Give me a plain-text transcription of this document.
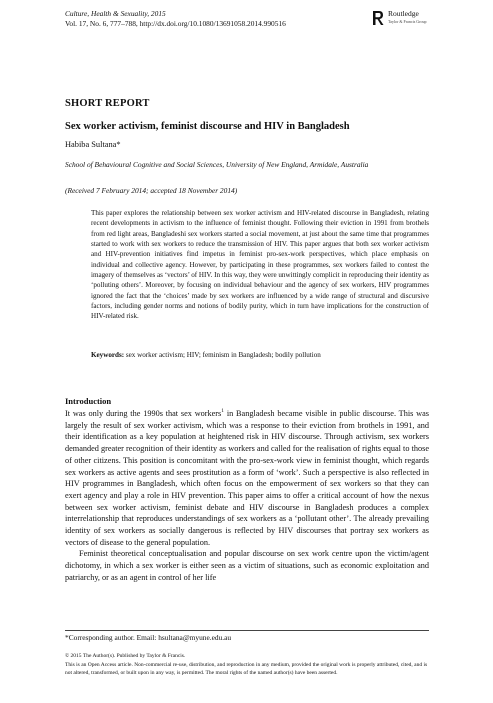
Culture, Health & Sexuality, 2015
Vol. 17, No. 6, 777–788, http://dx.doi.org/10.1080/13691058.2014.990516
Routledge
Taylor & Francis Group
SHORT REPORT
Sex worker activism, feminist discourse and HIV in Bangladesh
Habiba Sultana*
School of Behavioural Cognitive and Social Sciences, University of New England, Armidale, Australia
(Received 7 February 2014; accepted 18 November 2014)
This paper explores the relationship between sex worker activism and HIV-related discourse in Bangladesh, relating recent developments in activism to the influence of feminist thought. Following their eviction in 1991 from brothels from red light areas, Bangladeshi sex workers started a social movement, at just about the same time that programmes started to work with sex workers to reduce the transmission of HIV. This paper argues that both sex worker activism and HIV-prevention initiatives find impetus in feminist pro-sex-work perspectives, which place emphasis on individual and collective agency. However, by participating in these programmes, sex workers failed to contest the imagery of themselves as ‘vectors’ of HIV. In this way, they were unwittingly complicit in reproducing their identity as ‘polluting others’. Moreover, by focusing on individual behaviour and the agency of sex workers, HIV programmes ignored the fact that the ‘choices’ made by sex workers are influenced by a wide range of structural and discursive factors, including gender norms and notions of bodily purity, which in turn have implications for the construction of HIV-related risk.
Keywords: sex worker activism; HIV; feminism in Bangladesh; bodily pollution
Introduction

It was only during the 1990s that sex workers$^1$ in Bangladesh became visible in public discourse. This was largely the result of sex worker activism, which was a response to their eviction from brothels in 1991, and their identification as a key population at heightened risk in HIV discourse. Through activism, sex workers demanded greater recognition of their identity as workers and called for the realisation of rights equal to those of other citizens. This position is concomitant with the pro-sex-work view in feminist thought, which regards sex workers as active agents and sees prostitution as a form of ‘work’. Such a perspective is also reflected in HIV programmes in Bangladesh, which often focus on the empowerment of sex workers so that they can exert agency and play a role in HIV prevention. This paper aims to offer a critical account of how the nexus between sex worker activism, feminist debate and HIV discourse in Bangladesh produces a complex interrelationship that reproduces understandings of sex workers as a ‘pollutant other’. The already prevailing identity of sex workers as socially dangerous is reflected by HIV discourses that portray sex workers as vectors of disease to the general population.

Feminist theoretical conceptualisation and popular discourse on sex work centre upon the victim/agent dichotomy, in which a sex worker is either seen as a victim of situations, such as economic exploitation and patriarchy, or as an agent in control of her life

*Corresponding author. Email: hsultana@myune.edu.au
© 2015 The Author(s). Published by Taylor & Francis.
This is an Open Access article. Non-commercial re-use, distribution, and reproduction in any medium, provided the original work is properly attributed, cited, and is not altered, transformed, or built upon in any way, is permitted. The moral rights of the named author(s) have been asserted.
